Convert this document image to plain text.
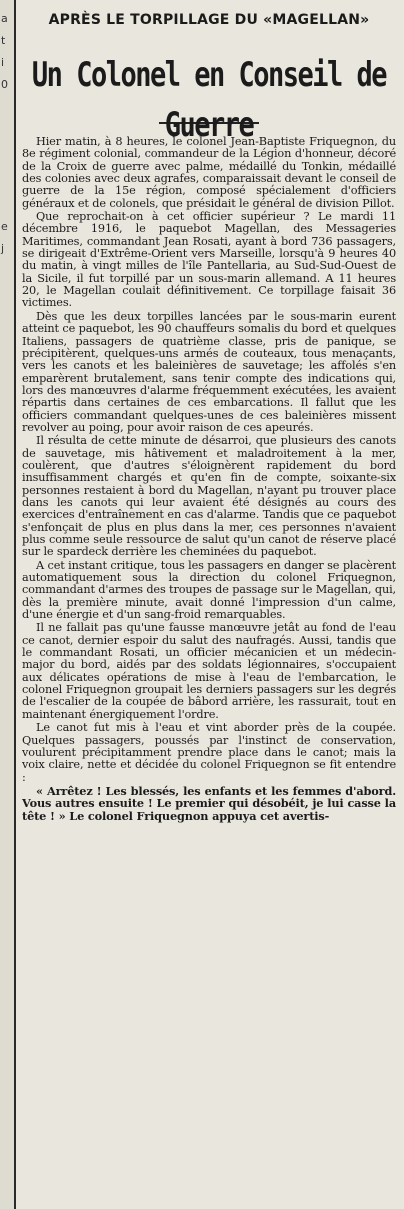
a
t
i
0
e
j
APRÈS LE TORPILLAGE DU «MAGELLAN»
Un Colonel en Conseil de Guerre

Hier matin, à 8 heures, le colonel Jean-Baptiste Friquegnon, du 8e régiment colonial, commandeur de la Légion d'honneur, décoré de la Croix de guerre avec palme, médaillé du Tonkin, médaillé des colonies avec deux agrafes, comparaissait devant le conseil de guerre de la 15e région, composé spécialement d'officiers généraux et de colonels, que présidait le général de division Pillot.

Que reprochait-on à cet officier supérieur ? Le mardi 11 décembre 1916, le paquebot Magellan, des Messageries Maritimes, commandant Jean Rosati, ayant à bord 736 passagers, se dirigeait d'Extrême-Orient vers Marseille, lorsqu'à 9 heures 40 du matin, à vingt milles de l'île Pantellaria, au Sud-Sud-Ouest de la Sicile, il fut torpillé par un sous-marin allemand. A 11 heures 20, le Magellan coulait définitivement. Ce torpillage faisait 36 victimes.

Dès que les deux torpilles lancées par le sous-marin eurent atteint ce paquebot, les 90 chauffeurs somalis du bord et quelques Italiens, passagers de quatrième classe, pris de panique, se précipitèrent, quelques-uns armés de couteaux, tous menaçants, vers les canots et les baleinières de sauvetage; les affolés s'en emparèrent brutalement, sans tenir compte des indications qui, lors des manœuvres d'alarme fréquemment exécutées, les avaient répartis dans certaines de ces embarcations. Il fallut que les officiers commandant quelques-unes de ces baleinières missent revolver au poing, pour avoir raison de ces apeurés.

Il résulta de cette minute de désarroi, que plusieurs des canots de sauvetage, mis hâtivement et maladroitement à la mer, coulèrent, que d'autres s'éloignèrent rapidement du bord insuffisamment chargés et qu'en fin de compte, soixante-six personnes restaient à bord du Magellan, n'ayant pu trouver place dans les canots qui leur avaient été désignés au cours des exercices d'entraînement en cas d'alarme. Tandis que ce paquebot s'enfonçait de plus en plus dans la mer, ces personnes n'avaient plus comme seule ressource de salut qu'un canot de réserve placé sur le spardeck derrière les cheminées du paquebot.

A cet instant critique, tous les passagers en danger se placèrent automatiquement sous la direction du colonel Friquegnon, commandant d'armes des troupes de passage sur le Magellan, qui, dès la première minute, avait donné l'impression d'un calme, d'une énergie et d'un sang-froid remarquables.

Il ne fallait pas qu'une fausse manœuvre jetât au fond de l'eau ce canot, dernier espoir du salut des naufragés. Aussi, tandis que le commandant Rosati, un officier mécanicien et un médecin-major du bord, aidés par des soldats légionnaires, s'occupaient aux délicates opérations de mise à l'eau de l'embarcation, le colonel Friquegnon groupait les derniers passagers sur les degrés de l'escalier de la coupée de bâbord arrière, les rassurait, tout en maintenant énergiquement l'ordre.

Le canot fut mis à l'eau et vint aborder près de la coupée. Quelques passagers, poussés par l'instinct de conservation, voulurent précipitamment prendre place dans le canot; mais la voix claire, nette et décidée du colonel Friquegnon se fit entendre :

« Arrêtez ! Les blessés, les enfants et les femmes d'abord. Vous autres ensuite ! Le premier qui désobéit, je lui casse la tête ! » Le colonel Friquegnon appuya cet avertis-
